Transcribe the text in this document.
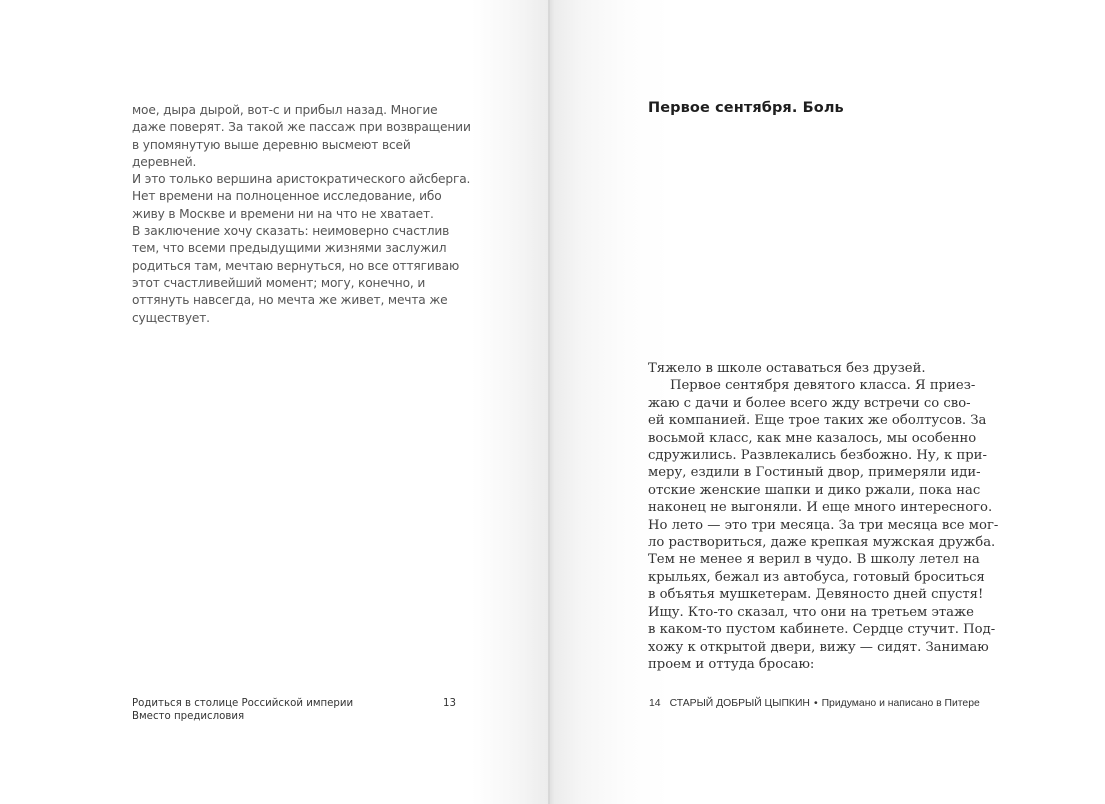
мое, дыра дырой, вот-с и прибыл назад. Многие
даже поверят. За такой же пассаж при возвращении
в упомянутую выше деревню высмеют всей
деревней.
И это только вершина аристократического айсберга.
Нет времени на полноценное исследование, ибо
живу в Москве и времени ни на что не хватает.
В заключение хочу сказать: неимоверно счастлив
тем, что всеми предыдущими жизнями заслужил
родиться там, мечтаю вернуться, но все оттягиваю
этот счастливейший момент; могу, конечно, и
оттянуть навсегда, но мечта же живет, мечта же
существует.
Родиться в столице Российской империи
Вместо предисловия
13
Первое сентября. Боль
Тяжело в школе оставаться без друзей.
Первое сентября девятого класса. Я приез-
жаю с дачи и более всего жду встречи со сво-
ей компанией. Еще трое таких же оболтусов. За
восьмой класс, как мне казалось, мы особенно
сдружились. Развлекались безбожно. Ну, к при-
меру, ездили в Гостиный двор, примеряли иди-
отские женские шапки и дико ржали, пока нас
наконец не выгоняли. И еще много интересного.
Но лето — это три месяца. За три месяца все мог-
ло раствориться, даже крепкая мужская дружба.
Тем не менее я верил в чудо. В школу летел на
крыльях, бежал из автобуса, готовый броситься
в объятья мушкетерам. Девяносто дней спустя!
Ищу. Кто-то сказал, что они на третьем этаже
в каком-то пустом кабинете. Сердце стучит. Под-
хожу к открытой двери, вижу — сидят. Занимаю
проем и оттуда бросаю:
14 СТАРЫЙ ДОБРЫЙ ЦЫПКИН • Придумано и написано в Питере
